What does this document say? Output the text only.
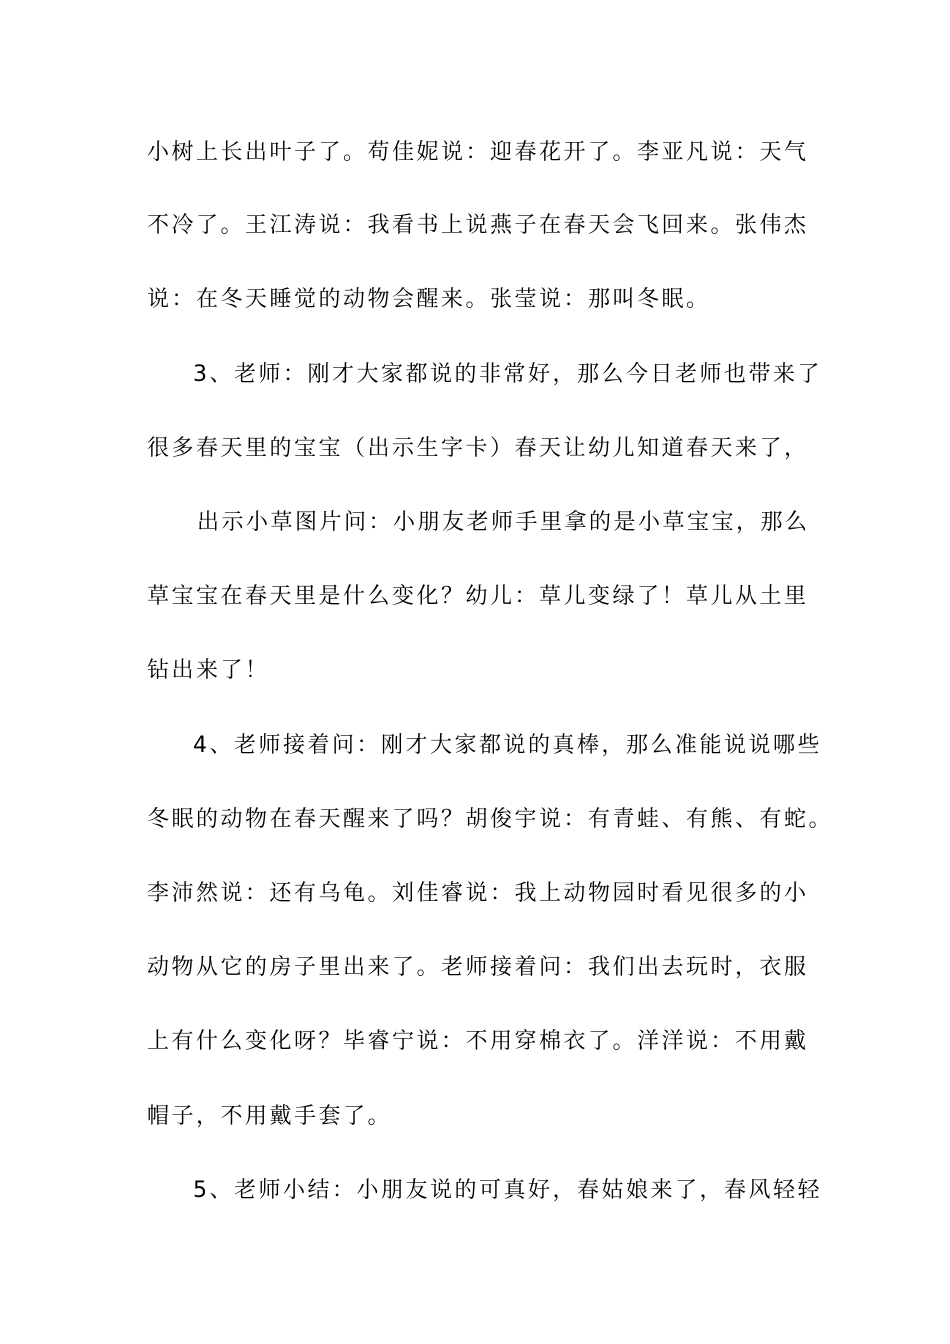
小树上长出叶子了。苟佳妮说：迎春花开了。李亚凡说：天气
不冷了。王江涛说：我看书上说燕子在春天会飞回来。张伟杰
说：在冬天睡觉的动物会醒来。张莹说：那叫冬眠。
3、老师：刚才大家都说的非常好，那么今日老师也带来了
很多春天里的宝宝（出示生字卡）春天让幼儿知道春天来了，
出示小草图片问：小朋友老师手里拿的是小草宝宝，那么
草宝宝在春天里是什么变化？幼儿：草儿变绿了！草儿从土里
钻出来了！
4、老师接着问：刚才大家都说的真棒，那么准能说说哪些
冬眠的动物在春天醒来了吗？胡俊宇说：有青蛙、有熊、有蛇。
李沛然说：还有乌龟。刘佳睿说：我上动物园时看见很多的小
动物从它的房子里出来了。老师接着问：我们出去玩时，衣服
上有什么变化呀？毕睿宁说：不用穿棉衣了。洋洋说：不用戴
帽子，不用戴手套了。
5、老师小结：小朋友说的可真好，春姑娘来了，春风轻轻
